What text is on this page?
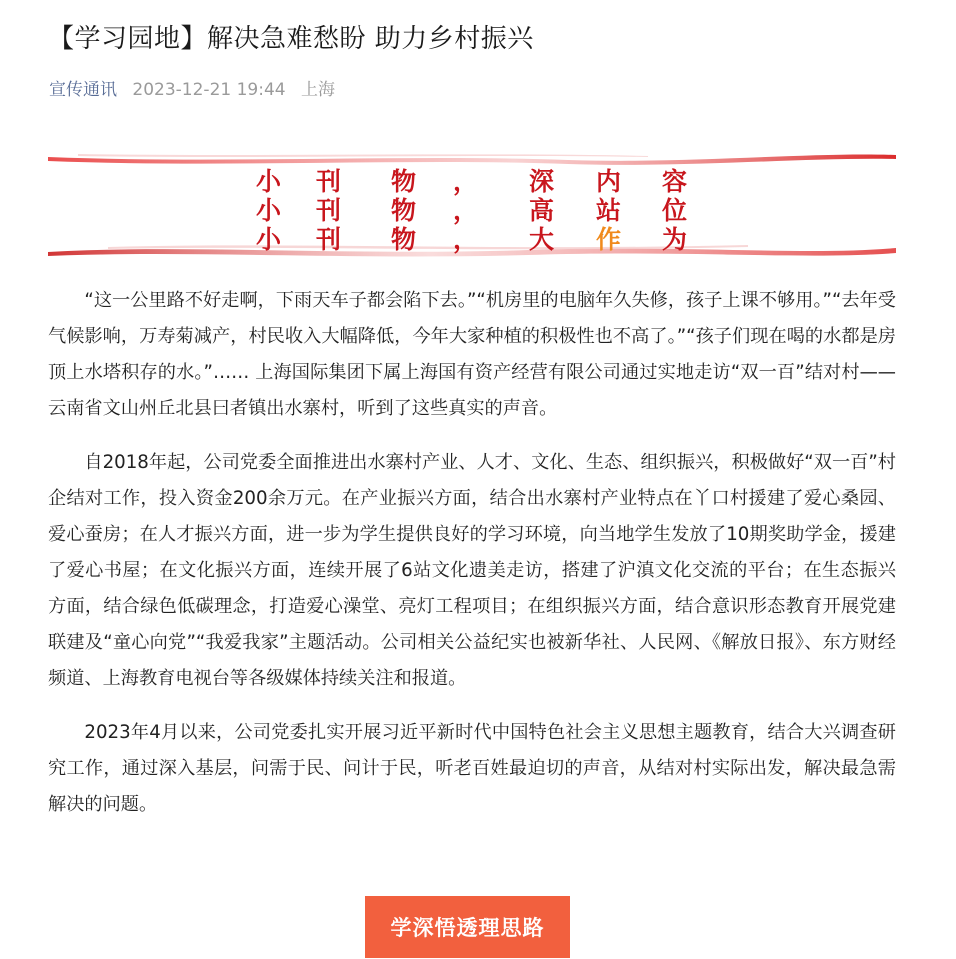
【学习园地】解决急难愁盼 助力乡村振兴
宣传通讯 2023-12-21 19:44 上海
小 刊 物 ， 深 内 容
小 刊 物 ， 高 站 位
小 刊 物 ， 大 作 为

“这一公里路不好走啊，下雨天车子都会陷下去。”“机房里的电脑年久失修，孩子上课不够用。”“去年受气候影响，万寿菊减产，村民收入大幅降低，今年大家种植的积极性也不高了。”“孩子们现在喝的水都是房顶上水塔积存的水。”…… 上海国际集团下属上海国有资产经营有限公司通过实地走访“双一百”结对村——云南省文山州丘北县曰者镇出水寨村，听到了这些真实的声音。

自2018年起，公司党委全面推进出水寨村产业、人才、文化、生态、组织振兴，积极做好“双一百”村企结对工作，投入资金200余万元。在产业振兴方面，结合出水寨村产业特点在丫口村援建了爱心桑园、爱心蚕房；在人才振兴方面，进一步为学生提供良好的学习环境，向当地学生发放了10期奖助学金，援建了爱心书屋；在文化振兴方面，连续开展了6站文化遗美走访，搭建了沪滇文化交流的平台；在生态振兴方面，结合绿色低碳理念，打造爱心澡堂、亮灯工程项目；在组织振兴方面，结合意识形态教育开展党建联建及“童心向党”“我爱我家”主题活动。公司相关公益纪实也被新华社、人民网、《解放日报》、东方财经频道、上海教育电视台等各级媒体持续关注和报道。

2023年4月以来，公司党委扎实开展习近平新时代中国特色社会主义思想主题教育，结合大兴调查研究工作，通过深入基层，问需于民、问计于民，听老百姓最迫切的声音，从结对村实际出发，解决最急需解决的问题。

学深悟透理思路
